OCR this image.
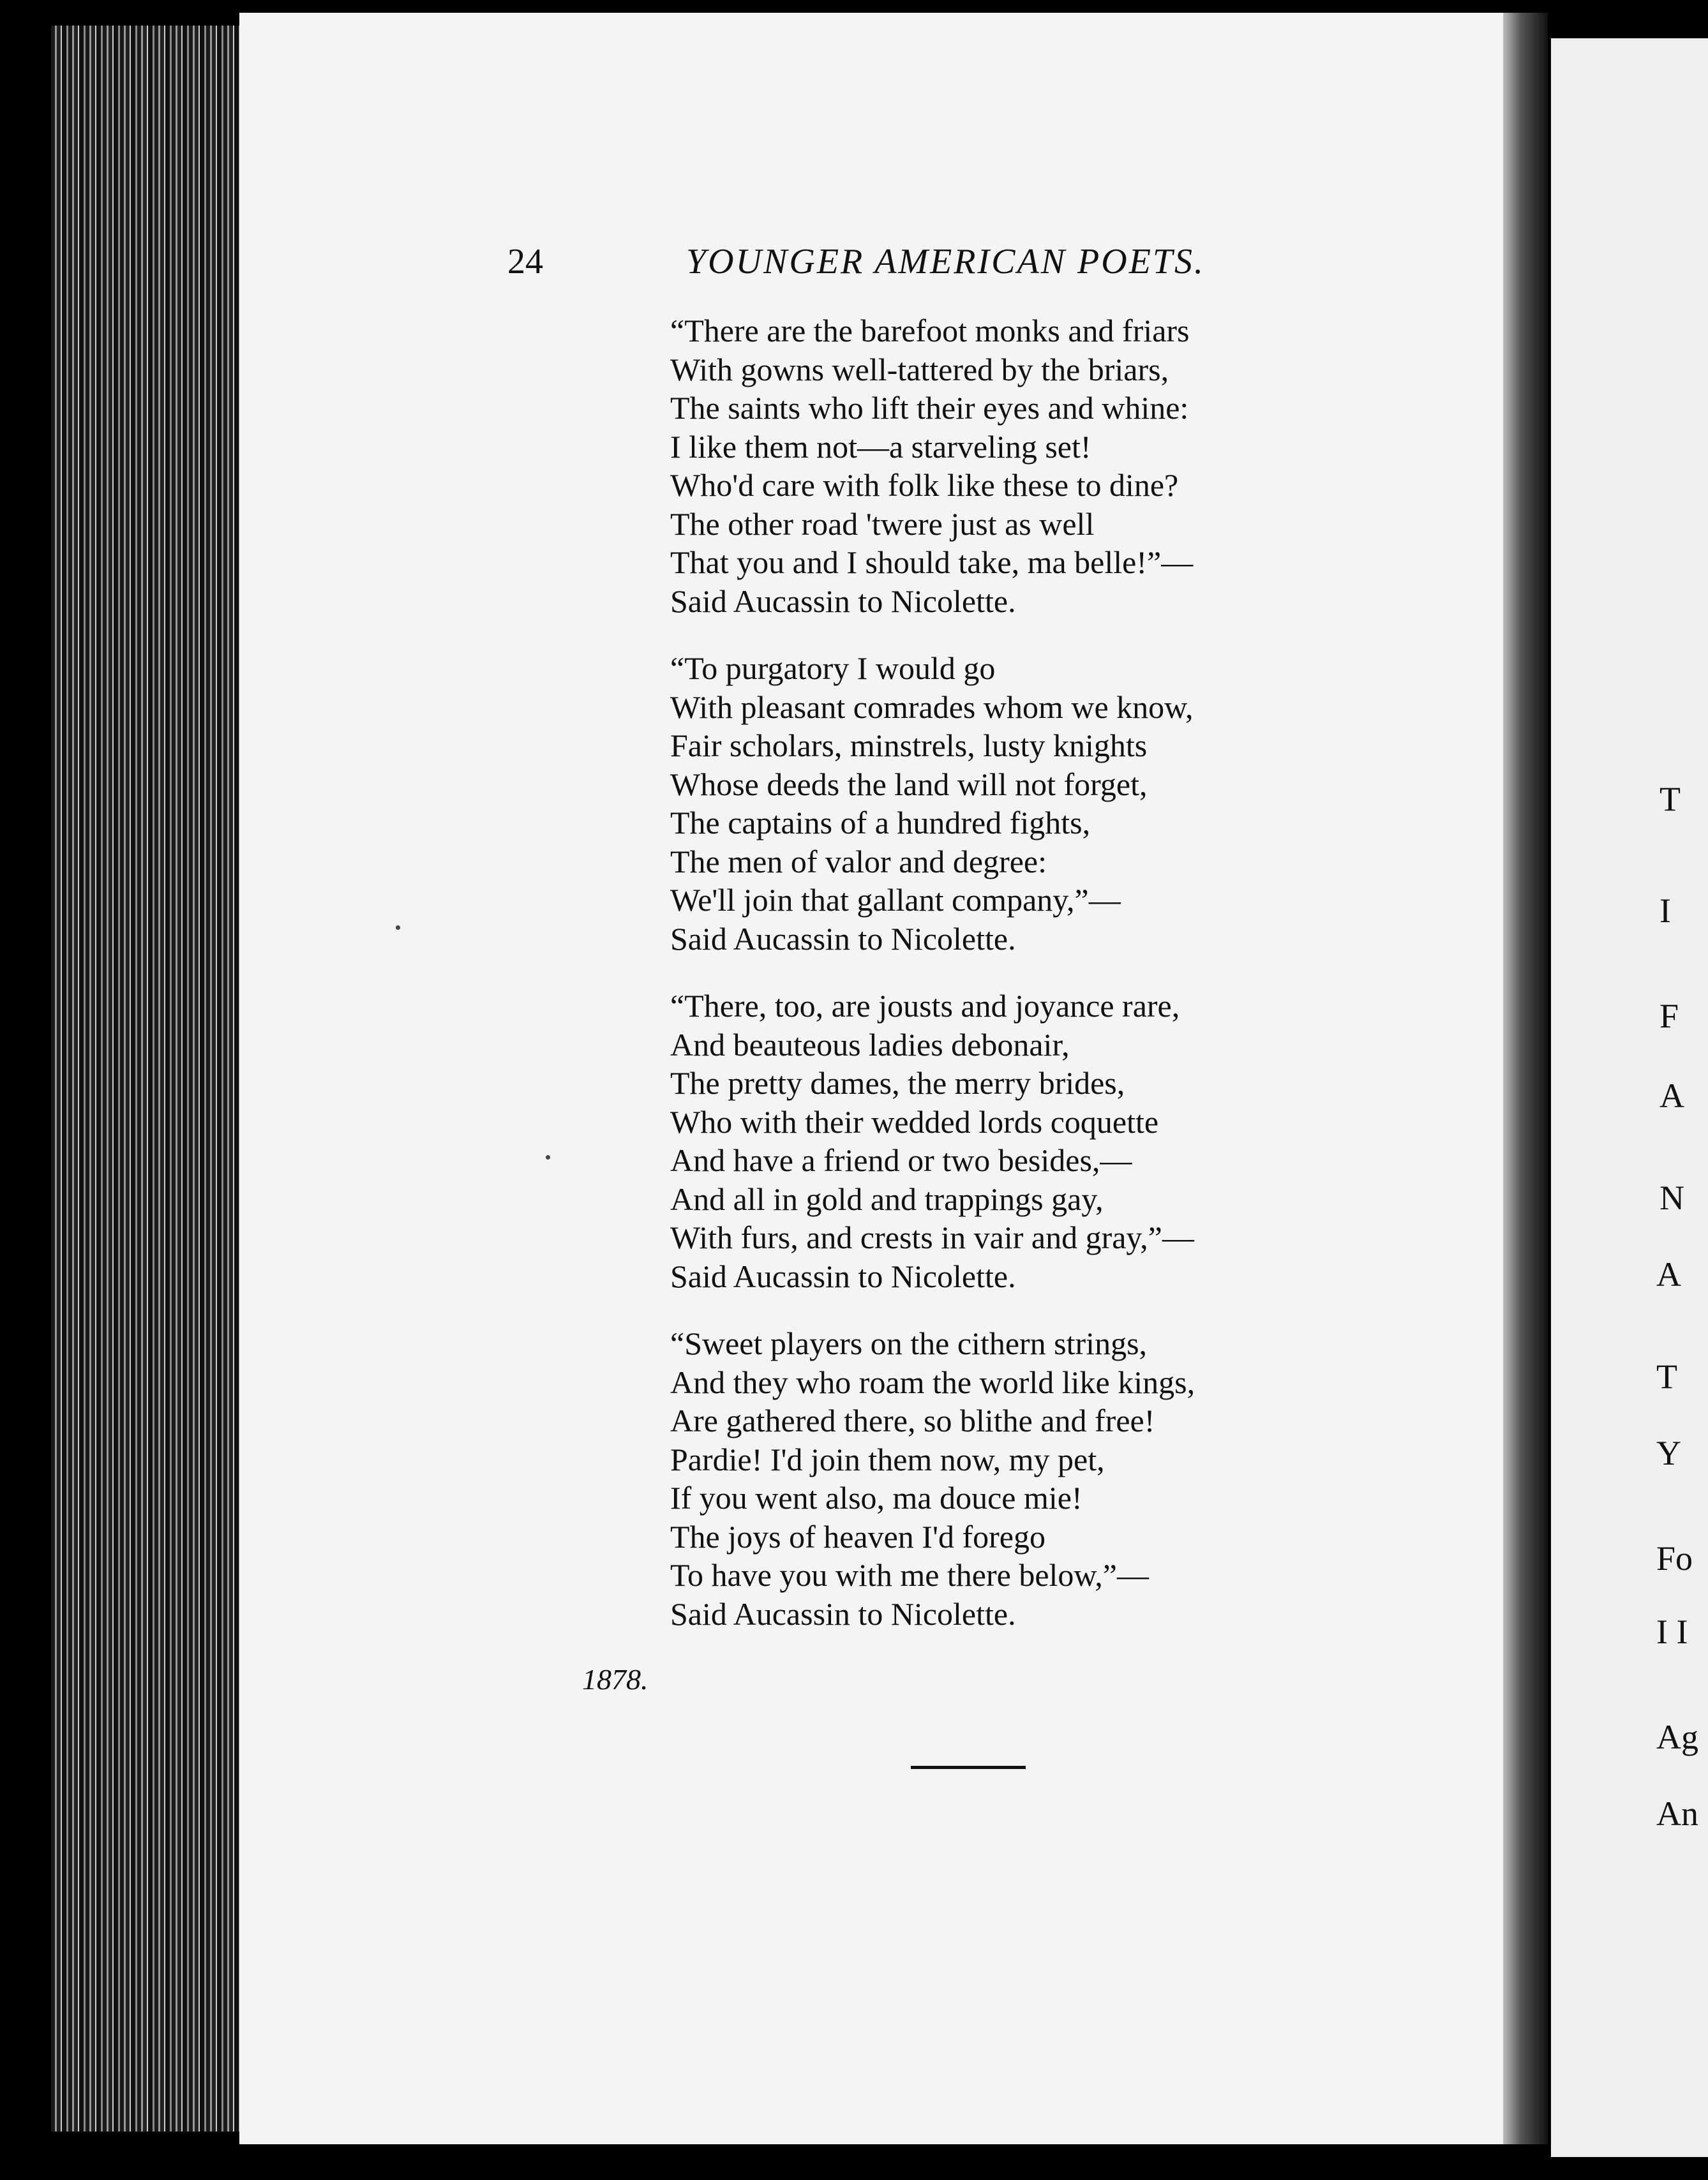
T
I
F
A
N
A
T
Y
Fo
I I
Ag
An
24	YOUNGER AMERICAN POETS.
“There are the barefoot monks and friars
With gowns well-tattered by the briars,
The saints who lift their eyes and whine:
I like them not—a starveling set!
Who'd care with folk like these to dine?
The other road 'twere just as well
That you and I should take, ma belle!”—
Said Aucassin to Nicolette.
“To purgatory I would go
With pleasant comrades whom we know,
Fair scholars, minstrels, lusty knights
Whose deeds the land will not forget,
The captains of a hundred fights,
The men of valor and degree:
We'll join that gallant company,”—
Said Aucassin to Nicolette.
“There, too, are jousts and joyance rare,
And beauteous ladies debonair,
The pretty dames, the merry brides,
Who with their wedded lords coquette
And have a friend or two besides,—
And all in gold and trappings gay,
With furs, and crests in vair and gray,”—
Said Aucassin to Nicolette.
“Sweet players on the cithern strings,
And they who roam the world like kings,
Are gathered there, so blithe and free!
Pardie! I'd join them now, my pet,
If you went also, ma douce mie!
The joys of heaven I'd forego
To have you with me there below,”—
Said Aucassin to Nicolette.
1878.
